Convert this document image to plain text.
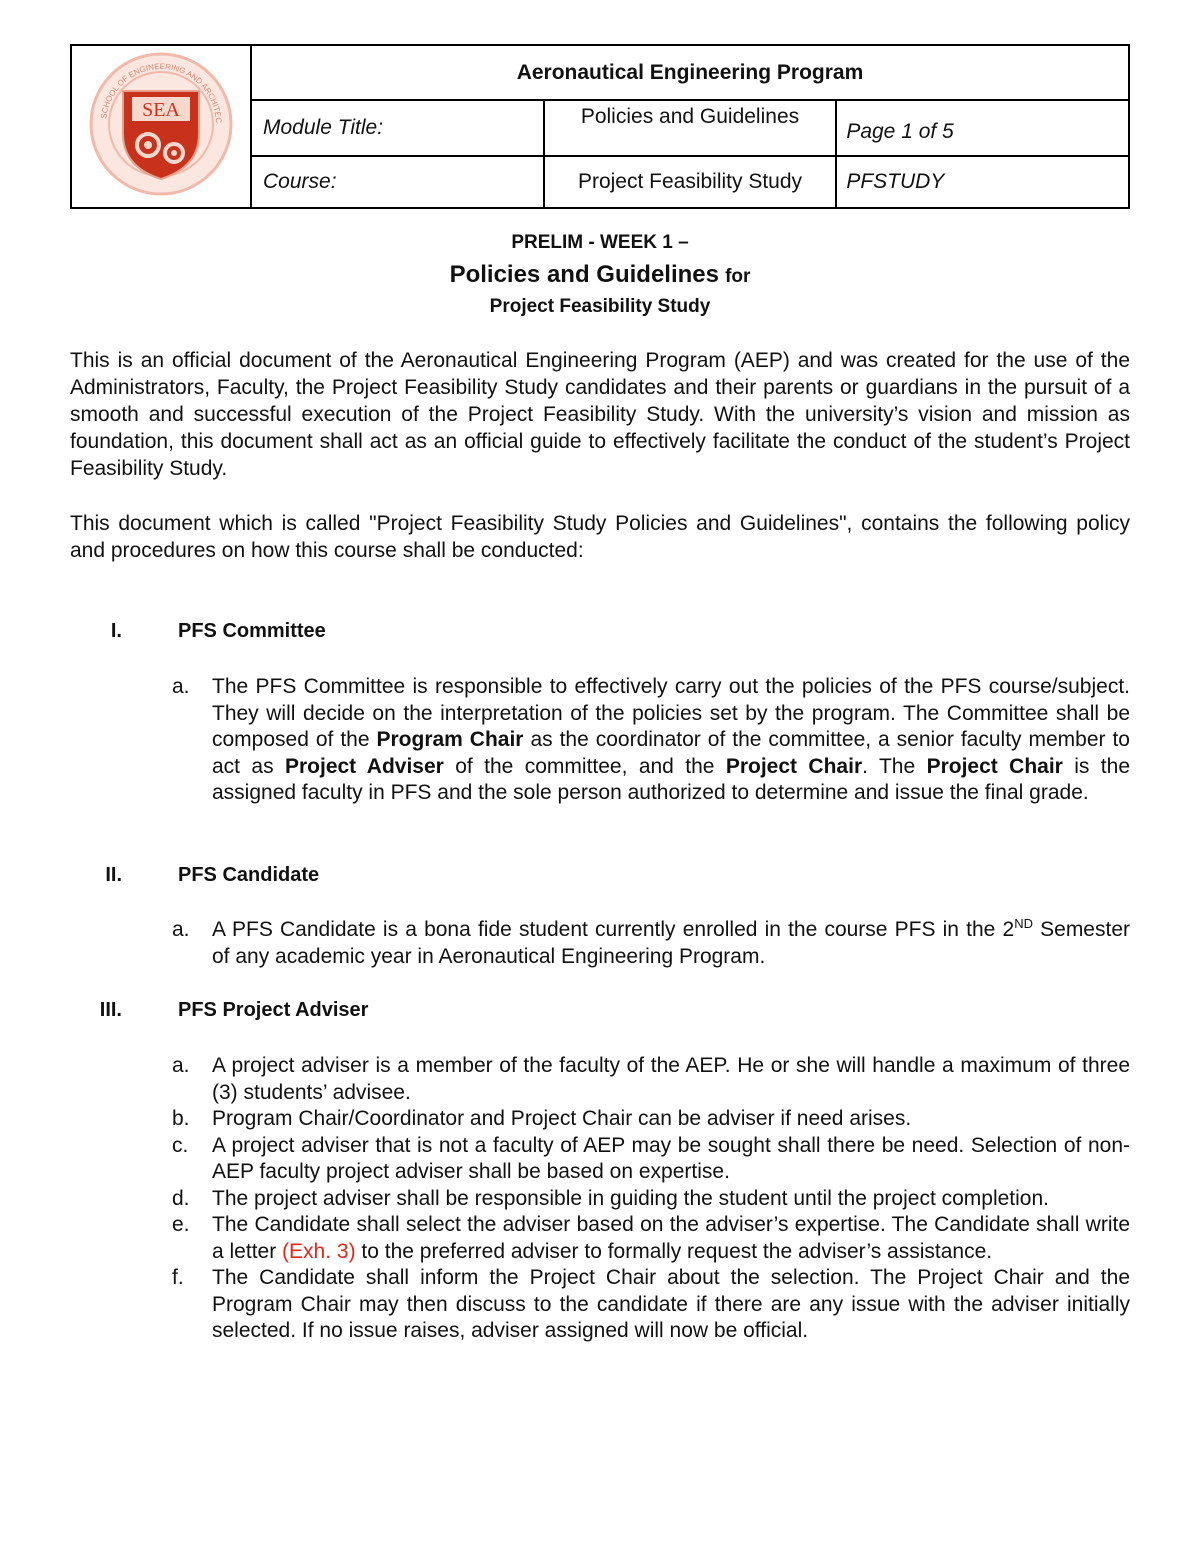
SEA
SCHOOL OF ENGINEERING AND ARCHITEC	Aeronautical Engineering Program		
	Module Title:	Policies and Guidelines	Page 1 of 5
	Course:	Project Feasibility Study	PFSTUDY
PRELIM - WEEK 1 –
Policies and Guidelines for
Project Feasibility Study

This is an official document of the Aeronautical Engineering Program (AEP) and was created for the use of the Administrators, Faculty, the Project Feasibility Study candidates and their parents or guardians in the pursuit of a smooth and successful execution of the Project Feasibility Study. With the university’s vision and mission as foundation, this document shall act as an official guide to effectively facilitate the conduct of the student’s Project Feasibility Study.

This document which is called "Project Feasibility Study Policies and Guidelines", contains the following policy and procedures on how this course shall be conducted:

I.	PFS Committee
a. The PFS Committee is responsible to effectively carry out the policies of the PFS course/subject. They will decide on the interpretation of the policies set by the program. The Committee shall be composed of the Program Chair as the coordinator of the committee, a senior faculty member to act as Project Adviser of the committee, and the Project Chair. The Project Chair is the assigned faculty in PFS and the sole person authorized to determine and issue the final grade.
II.	PFS Candidate
a. A PFS Candidate is a bona fide student currently enrolled in the course PFS in the 2ND Semester of any academic year in Aeronautical Engineering Program.
III.	PFS Project Adviser
a. A project adviser is a member of the faculty of the AEP. He or she will handle a maximum of three (3) students’ advisee.
b. Program Chair/Coordinator and Project Chair can be adviser if need arises.
c. A project adviser that is not a faculty of AEP may be sought shall there be need. Selection of non-AEP faculty project adviser shall be based on expertise.
d. The project adviser shall be responsible in guiding the student until the project completion.
e. The Candidate shall select the adviser based on the adviser’s expertise. The Candidate shall write a letter (Exh. 3) to the preferred adviser to formally request the adviser’s assistance.
f. The Candidate shall inform the Project Chair about the selection. The Project Chair and the Program Chair may then discuss to the candidate if there are any issue with the adviser initially selected. If no issue raises, adviser assigned will now be official.
